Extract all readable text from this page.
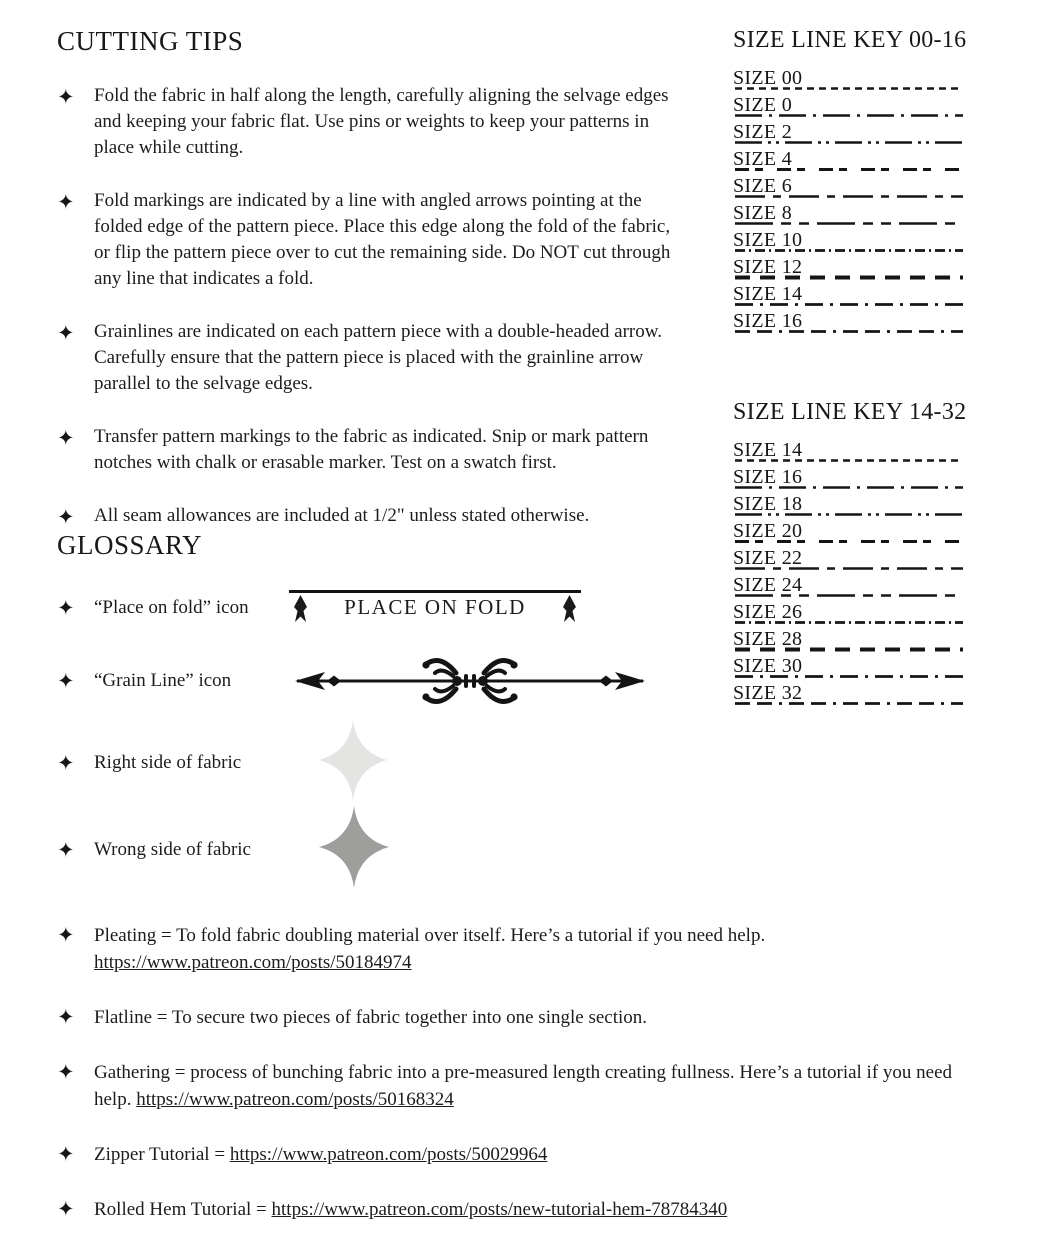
CUTTING TIPS
✦	Fold the fabric in half along the length, carefully aligning the selvage edges and keeping your fabric flat. Use pins or weights to keep your patterns in place while cutting.

✦	Fold markings are indicated by a line with angled arrows pointing at the folded edge of the pattern piece. Place this edge along the fold of the fabric, or flip the pattern piece over to cut the remaining side. Do NOT cut through any line that indicates a fold.

✦	Grainlines are indicated on each pattern piece with a double-headed arrow. Carefully ensure that the pattern piece is placed with the grainline arrow parallel to the selvage edges.

✦	Transfer pattern markings to the fabric as indicated. Snip or mark pattern notches with chalk or erasable marker. Test on a swatch first.

✦	All seam allowances are included at 1/2" unless stated otherwise.

GLOSSARY
✦	“Place on fold” icon	PLACE ON FOLD
✦	“Grain Line” icon
✦	Right side of fabric
✦	Wrong side of fabric
SIZE LINE KEY 00-16
SIZE 00
SIZE 0
SIZE 2
SIZE 4
SIZE 6
SIZE 8
SIZE 10
SIZE 12
SIZE 14
SIZE 16
SIZE LINE KEY 14-32
SIZE 14
SIZE 16
SIZE 18
SIZE 20
SIZE 22
SIZE 24
SIZE 26
SIZE 28
SIZE 30
SIZE 32
✦	Pleating = To fold fabric doubling material over itself. Here’s a tutorial if you need help. https://www.patreon.com/posts/50184974

✦	Flatline = To secure two pieces of fabric together into one single section.

✦	Gathering = process of bunching fabric into a pre-measured length creating fullness. Here’s a tutorial if you need help. https://www.patreon.com/posts/50168324

✦	Zipper Tutorial = https://www.patreon.com/posts/50029964

✦	Rolled Hem Tutorial = https://www.patreon.com/posts/new-tutorial-hem-78784340
